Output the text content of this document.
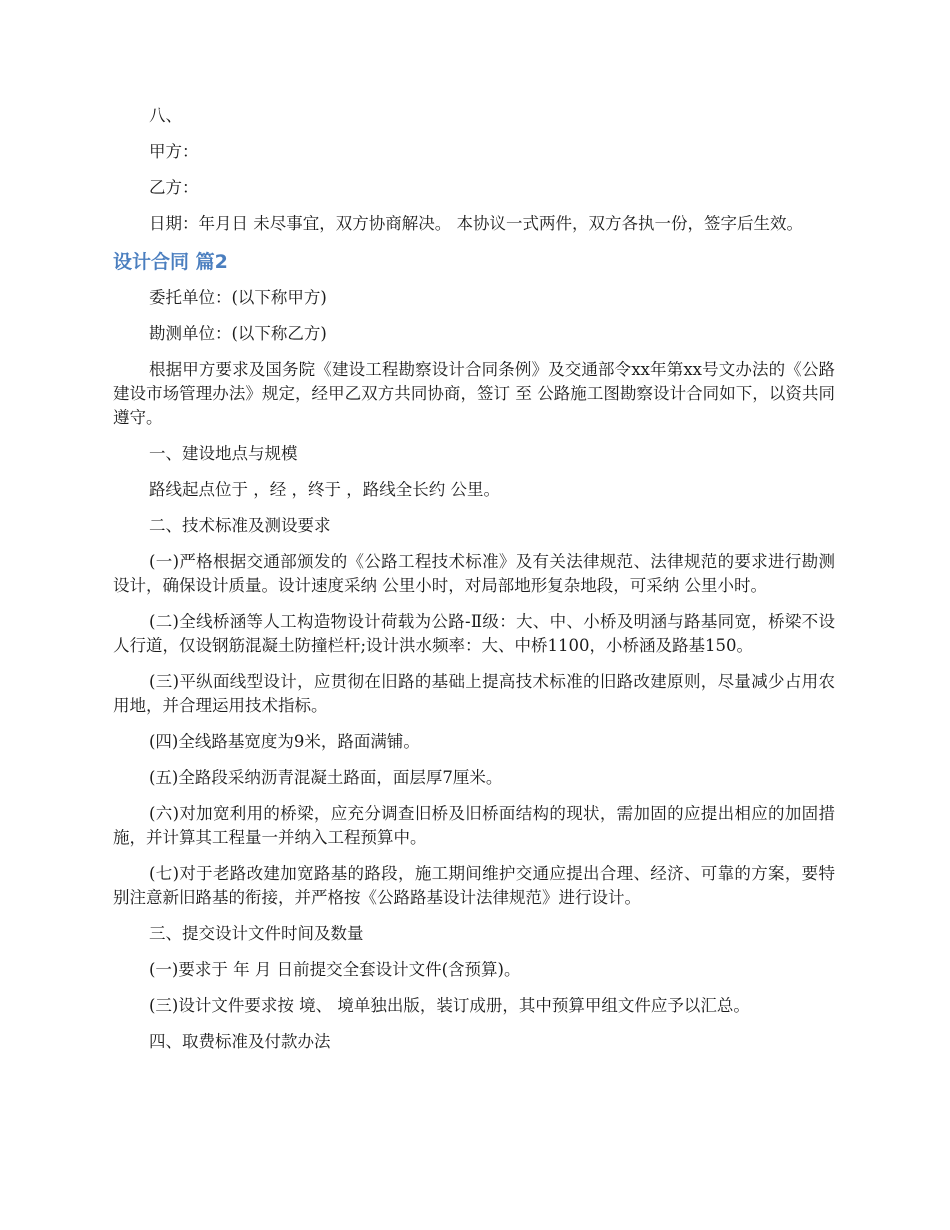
八、

甲方：

乙方：

日期：年月日 未尽事宜，双方协商解决。 本协议一式两件，双方各执一份，签字后生效。

设计合同 篇2

委托单位：(以下称甲方)

勘测单位：(以下称乙方)

根据甲方要求及国务院《建设工程勘察设计合同条例》及交通部令xx年第xx号文办法的《公路建设市场管理办法》规定，经甲乙双方共同协商，签订 至 公路施工图勘察设计合同如下，以资共同遵守。

一、建设地点与规模

路线起点位于 ，经 ，终于 ，路线全长约 公里。

二、技术标准及测设要求

(一)严格根据交通部颁发的《公路工程技术标准》及有关法律规范、法律规范的要求进行勘测设计，确保设计质量。设计速度采纳 公里小时，对局部地形复杂地段，可采纳 公里小时。

(二)全线桥涵等人工构造物设计荷载为公路-Ⅱ级：大、中、小桥及明涵与路基同宽，桥梁不设人行道，仅设钢筋混凝土防撞栏杆;设计洪水频率：大、中桥1100，小桥涵及路基150。

(三)平纵面线型设计，应贯彻在旧路的基础上提高技术标准的旧路改建原则，尽量减少占用农用地，并合理运用技术指标。

(四)全线路基宽度为9米，路面满铺。

(五)全路段采纳沥青混凝土路面，面层厚7厘米。

(六)对加宽利用的桥梁，应充分调查旧桥及旧桥面结构的现状，需加固的应提出相应的加固措施，并计算其工程量一并纳入工程预算中。

(七)对于老路改建加宽路基的路段，施工期间维护交通应提出合理、经济、可靠的方案，要特别注意新旧路基的衔接，并严格按《公路路基设计法律规范》进行设计。

三、提交设计文件时间及数量

(一)要求于 年 月 日前提交全套设计文件(含预算)。

(三)设计文件要求按 境、 境单独出版，装订成册，其中预算甲组文件应予以汇总。

四、取费标准及付款办法
